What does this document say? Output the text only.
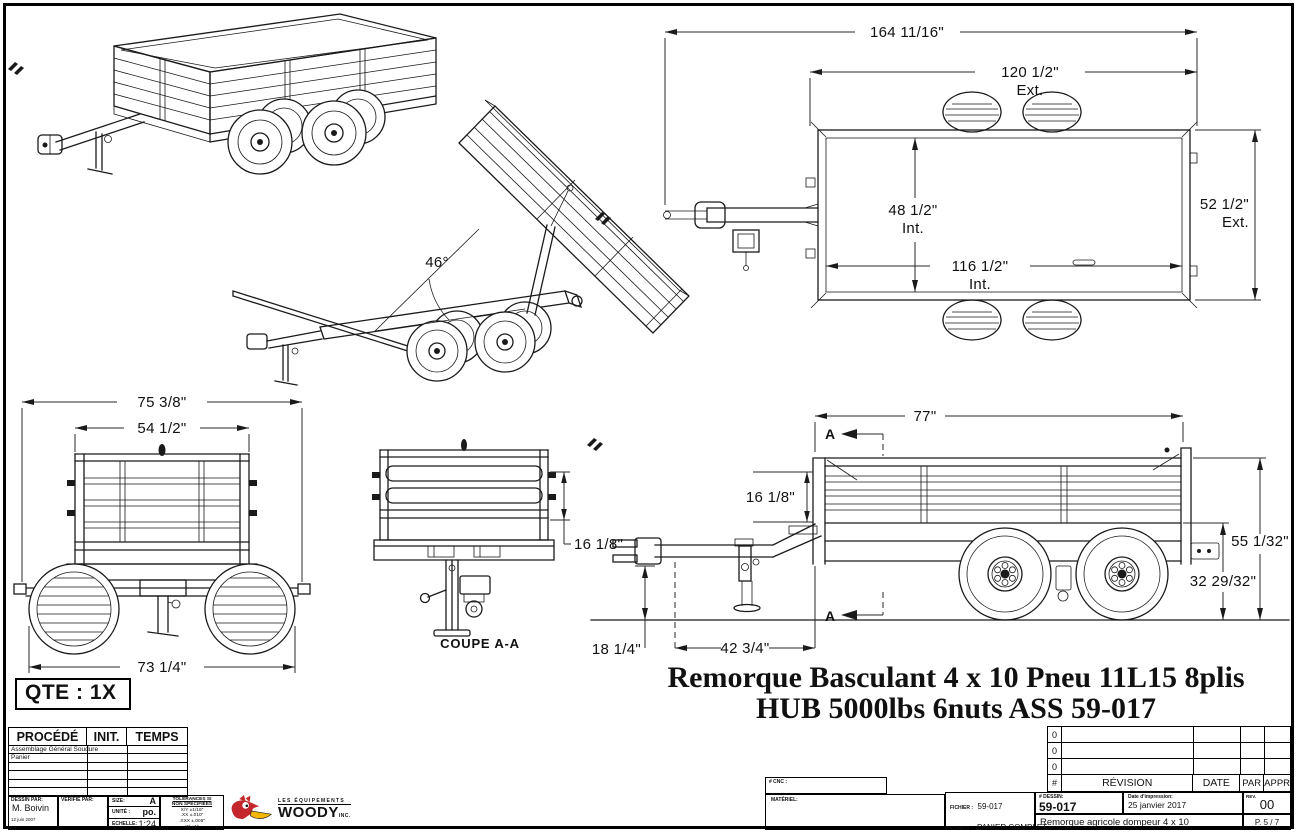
46°
164 11/16"
120 1/2"
Ext.
52 1/2"
Ext.
48 1/2"
Int.
116 1/2"
Int.
75 3/8"
54 1/2"
73 1/4"
16 1/8"
COUPE A-A
A
A
77"
16 1/8"
55 1/32"
32 29/32"
18 1/4"	42 3/4"
Remorque Basculant 4 x 10 Pneu 11L15 8plis
HUB 5000lbs 6nuts ASS 59-017
QTE : 1X
PROCÉDÉ	INIT.	TEMPS
Assemblage Général Soudure
Panier
DESSIN PAR:
M. Boivin
12 juin 2007
VÉRIFIÉ PAR:	SIZE:	A
UNITÉ : po.
ECHELLE: 1:24
TOLÉRANCES SI
NON SPÉCIFIÉES
X/Y ±1/16"
.XX ±.010"
.XXX ±.005"
X° ±1°
LES ÉQUIPEMENTS
WOODYINC.
# CNC :
MATÉRIEL:
FICHIER : 59-017
CONFIG : PANIER COMPLET
# DESSIN:
59-017
Date d'impression:
25 janvier 2017
REV.
00
Remorque agricole dompeur 4 x 10	P. 5 / 7
0
0
0
#	RÉVISION	DATE	PAR APPR
